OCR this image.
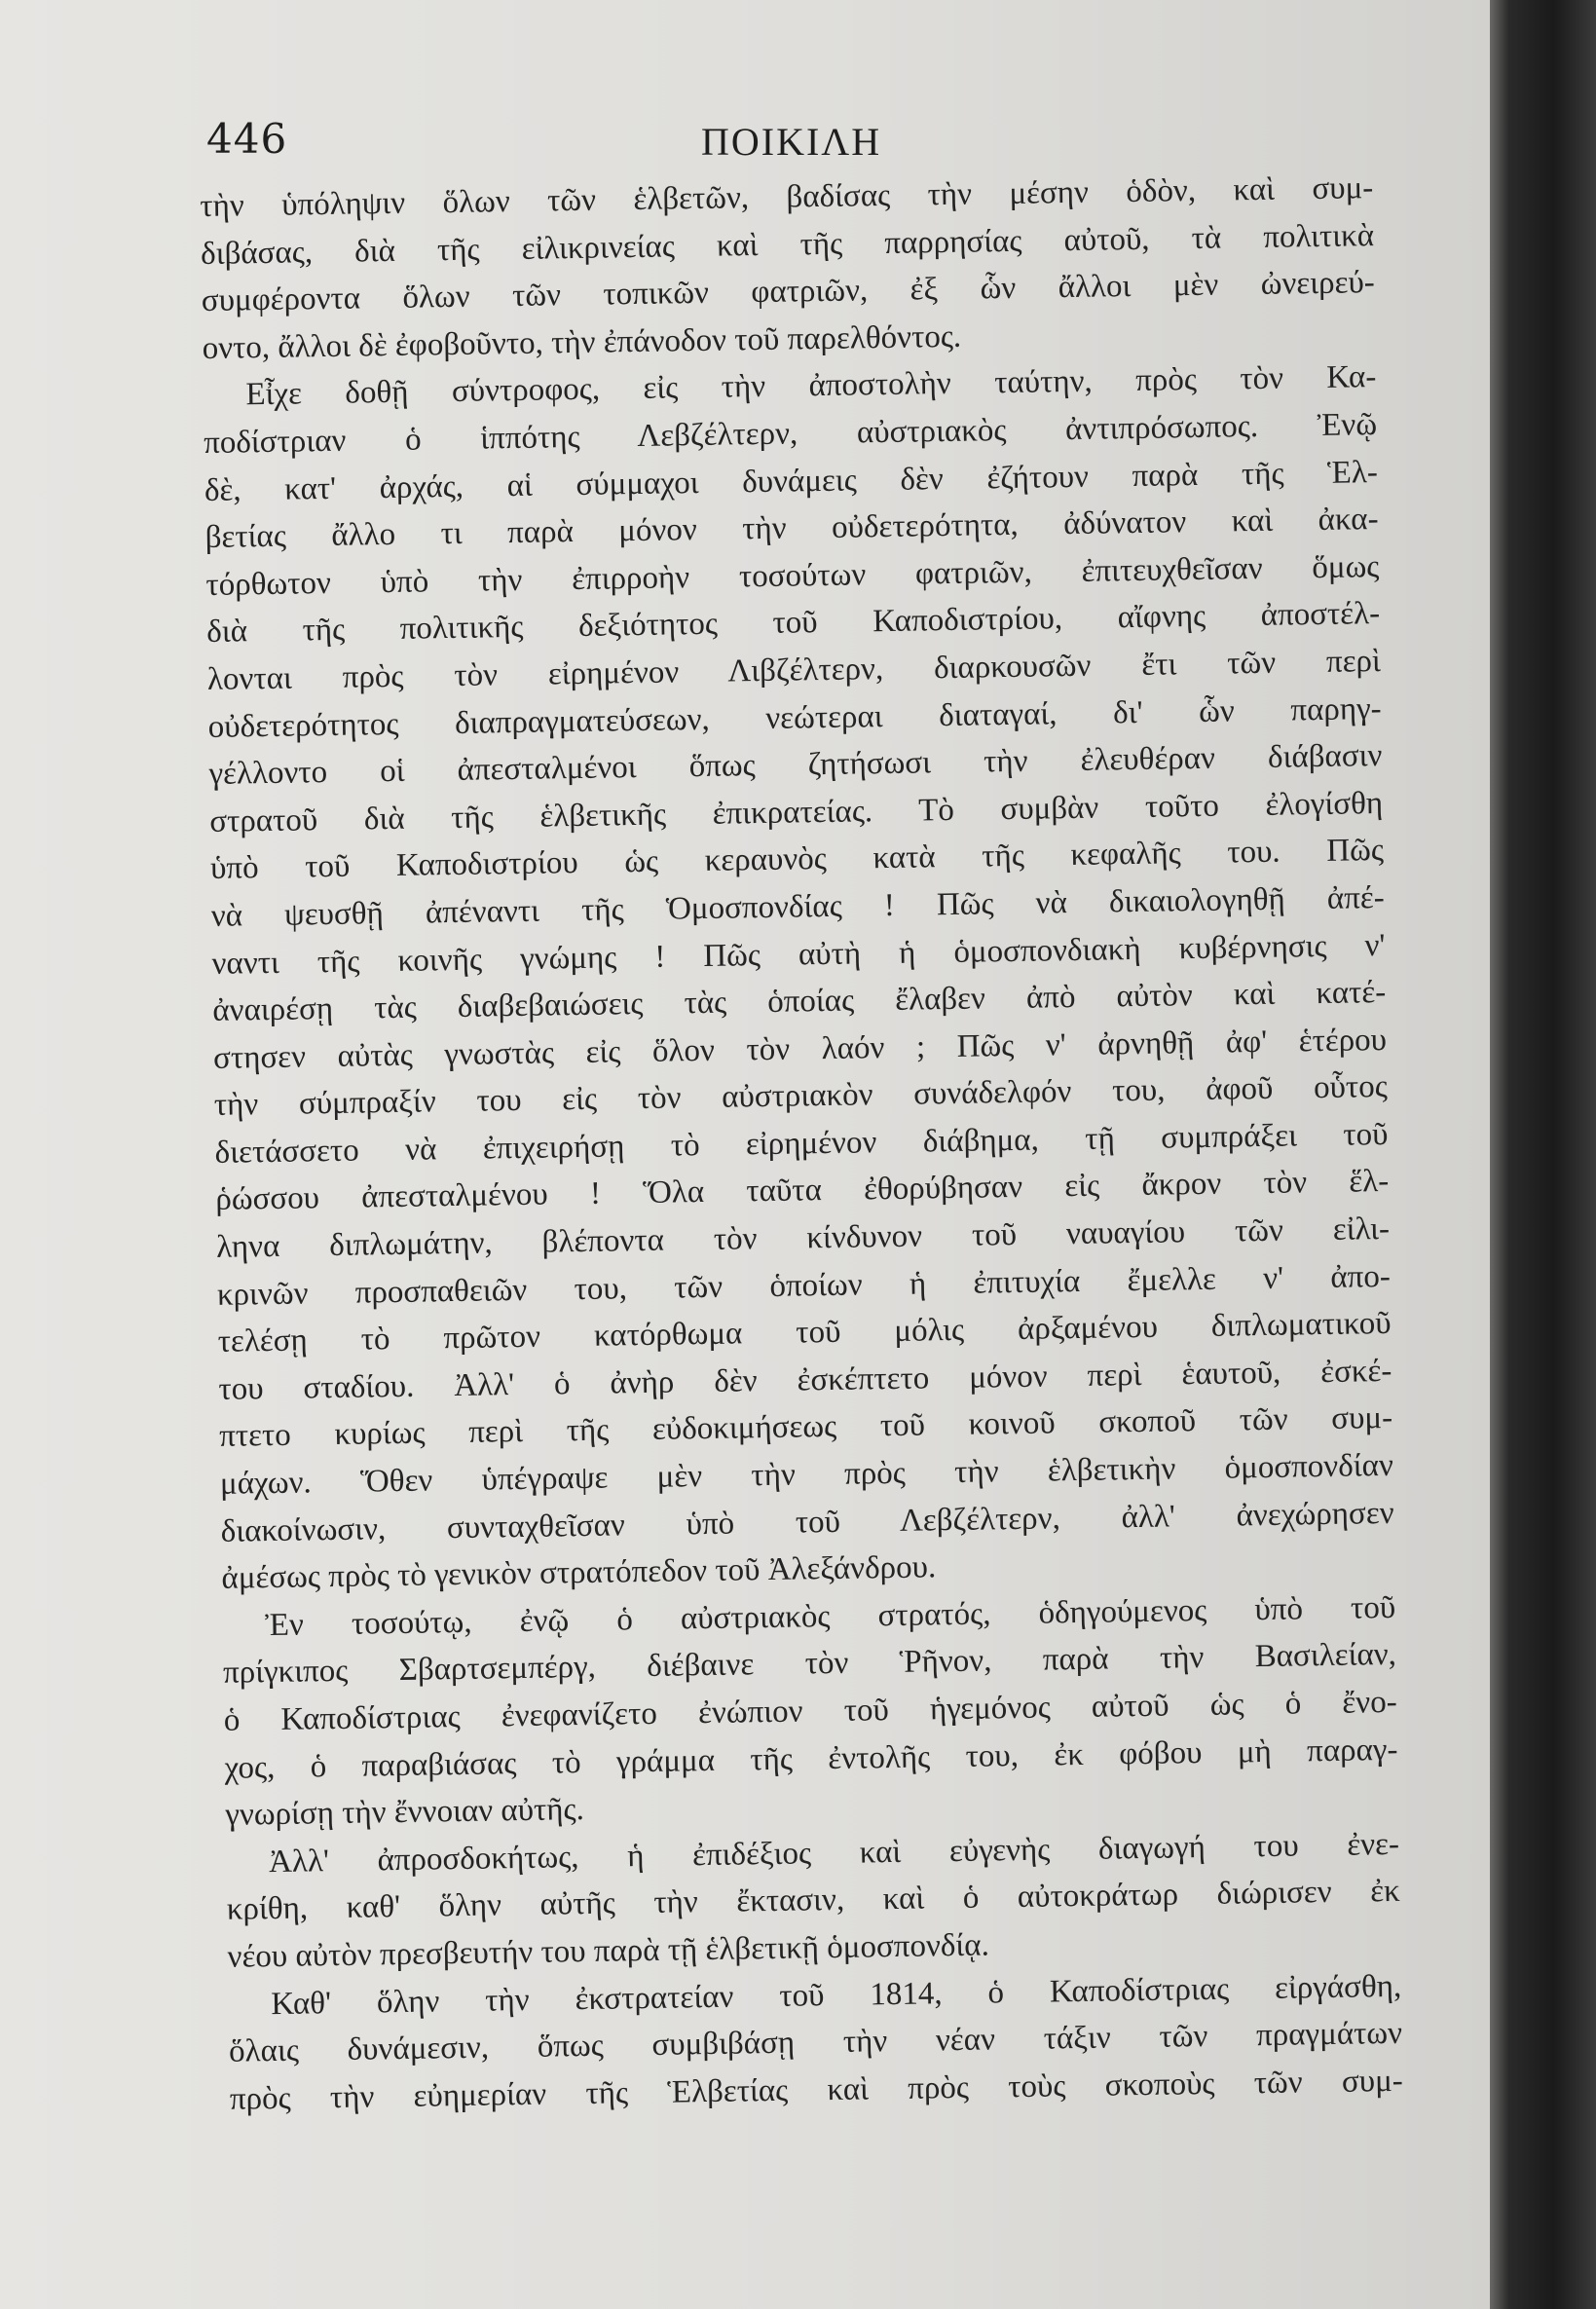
446	ΠΟΙΚΙΛΗ
τὴν ὑπόληψιν ὅλων τῶν ἑλβετῶν, βαδίσας τὴν μέσην ὁδὸν, καὶ συμ-
διβάσας, διὰ τῆς εἰλικρινείας καὶ τῆς παρρησίας αὐτοῦ, τὰ πολιτικὰ
συμφέροντα ὅλων τῶν τοπικῶν φατριῶν, ἐξ ὧν ἄλλοι μὲν ὠνειρεύ-
οντο, ἄλλοι δὲ ἐφοβοῦντο, τὴν ἐπάνοδον τοῦ παρελθόντος.
Εἶχε δοθῇ σύντροφος, εἰς τὴν ἀποστολὴν ταύτην, πρὸς τὸν Κα-
ποδίστριαν ὁ ἱππότης Λεβζέλτερν, αὐστριακὸς ἀντιπρόσωπος. Ἐνῷ
δὲ, κατ' ἀρχάς, αἱ σύμμαχοι δυνάμεις δὲν ἐζήτουν παρὰ τῆς Ἑλ-
βετίας ἄλλο τι παρὰ μόνον τὴν οὐδετερότητα, ἀδύνατον καὶ ἀκα-
τόρθωτον ὑπὸ τὴν ἐπιρροὴν τοσούτων φατριῶν, ἐπιτευχθεῖσαν ὅμως
διὰ τῆς πολιτικῆς δεξιότητος τοῦ Καποδιστρίου, αἴφνης ἀποστέλ-
λονται πρὸς τὸν εἰρημένον Λιβζέλτερν, διαρκουσῶν ἔτι τῶν περὶ
οὐδετερότητος διαπραγματεύσεων, νεώτεραι διαταγαί, δι' ὧν παρηγ-
γέλλοντο οἱ ἀπεσταλμένοι ὅπως ζητήσωσι τὴν ἐλευθέραν διάβασιν
στρατοῦ διὰ τῆς ἑλβετικῆς ἐπικρατείας. Τὸ συμβὰν τοῦτο ἐλογίσθη
ὑπὸ τοῦ Καποδιστρίου ὡς κεραυνὸς κατὰ τῆς κεφαλῆς του. Πῶς
νὰ ψευσθῇ ἀπέναντι τῆς Ὁμοσπονδίας ! Πῶς νὰ δικαιολογηθῇ ἀπέ-
ναντι τῆς κοινῆς γνώμης ! Πῶς αὐτὴ ἡ ὁμοσπονδιακὴ κυβέρνησις ν'
ἀναιρέσῃ τὰς διαβεβαιώσεις τὰς ὁποίας ἔλαβεν ἀπὸ αὐτὸν καὶ κατέ-
στησεν αὐτὰς γνωστὰς εἰς ὅλον τὸν λαόν ; Πῶς ν' ἀρνηθῇ ἀφ' ἑτέρου
τὴν σύμπραξίν του εἰς τὸν αὐστριακὸν συνάδελφόν του, ἀφοῦ οὗτος
διετάσσετο νὰ ἐπιχειρήσῃ τὸ εἰρημένον διάβημα, τῇ συμπράξει τοῦ
ῥώσσου ἀπεσταλμένου ! Ὅλα ταῦτα ἐθορύβησαν εἰς ἄκρον τὸν ἕλ-
ληνα διπλωμάτην, βλέποντα τὸν κίνδυνον τοῦ ναυαγίου τῶν εἰλι-
κρινῶν προσπαθειῶν του, τῶν ὁποίων ἡ ἐπιτυχία ἔμελλε ν' ἀπο-
τελέσῃ τὸ πρῶτον κατόρθωμα τοῦ μόλις ἀρξαμένου διπλωματικοῦ
του σταδίου. Ἀλλ' ὁ ἀνὴρ δὲν ἐσκέπτετο μόνον περὶ ἑαυτοῦ, ἐσκέ-
πτετο κυρίως περὶ τῆς εὐδοκιμήσεως τοῦ κοινοῦ σκοποῦ τῶν συμ-
μάχων. Ὅθεν ὑπέγραψε μὲν τὴν πρὸς τὴν ἑλβετικὴν ὁμοσπονδίαν
διακοίνωσιν, συνταχθεῖσαν ὑπὸ τοῦ Λεβζέλτερν, ἀλλ' ἀνεχώρησεν
ἀμέσως πρὸς τὸ γενικὸν στρατόπεδον τοῦ Ἀλεξάνδρου.
Ἐν τοσούτῳ, ἐνῷ ὁ αὐστριακὸς στρατός, ὁδηγούμενος ὑπὸ τοῦ
πρίγκιπος Σβαρτσεμπέργ, διέβαινε τὸν Ῥῆνον, παρὰ τὴν Βασιλείαν,
ὁ Καποδίστριας ἐνεφανίζετο ἐνώπιον τοῦ ἡγεμόνος αὐτοῦ ὡς ὁ ἔνο-
χος, ὁ παραβιάσας τὸ γράμμα τῆς ἐντολῆς του, ἐκ φόβου μὴ παραγ-
γνωρίσῃ τὴν ἔννοιαν αὐτῆς.
Ἀλλ' ἀπροσδοκήτως, ἡ ἐπιδέξιος καὶ εὐγενὴς διαγωγή του ἐνε-
κρίθη, καθ' ὅλην αὐτῆς τὴν ἔκτασιν, καὶ ὁ αὐτοκράτωρ διώρισεν ἐκ
νέου αὐτὸν πρεσβευτήν του παρὰ τῇ ἑλβετικῇ ὁμοσπονδίᾳ.
Καθ' ὅλην τὴν ἐκστρατείαν τοῦ 1814, ὁ Καποδίστριας εἰργάσθη,
ὅλαις δυνάμεσιν, ὅπως συμβιβάσῃ τὴν νέαν τάξιν τῶν πραγμάτων
πρὸς τὴν εὐημερίαν τῆς Ἑλβετίας καὶ πρὸς τοὺς σκοποὺς τῶν συμ-
